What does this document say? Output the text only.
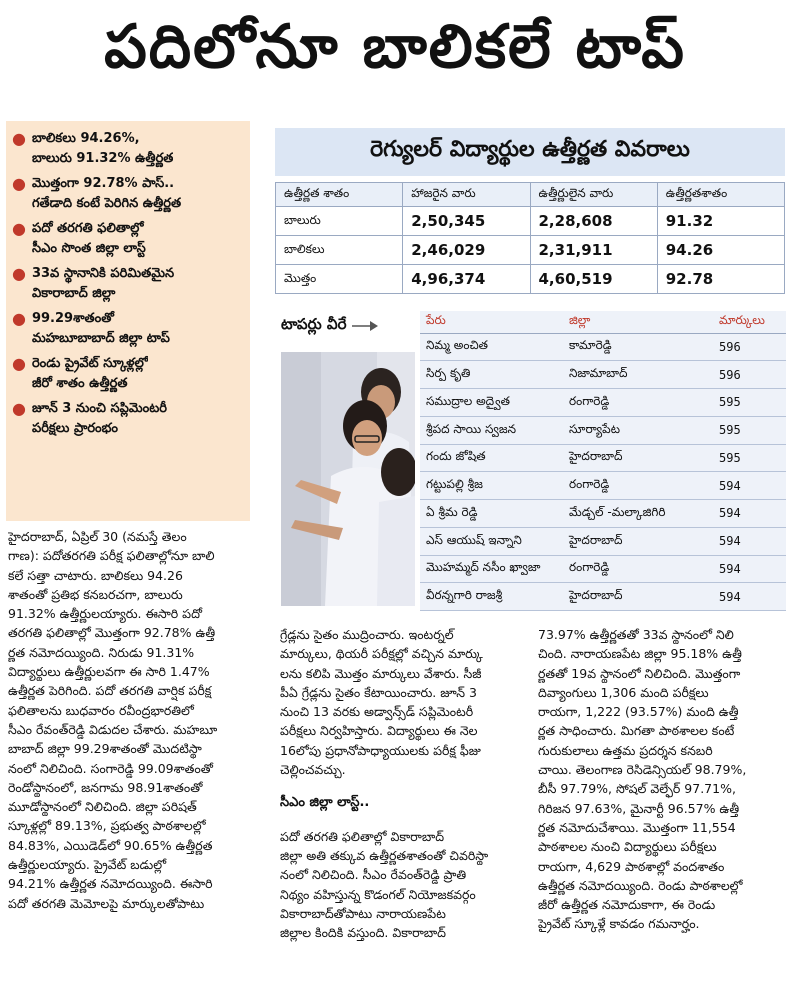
పదిలోనూ బాలికలే టాప్
● బాలికలు 94.26%,
బాలురు 91.32% ఉత్తీర్ణత
● మొత్తంగా 92.78% పాస్..
గతేడాది కంటే పెరిగిన ఉత్తీర్ణత
● పదో తరగతి ఫలితాల్లో
సీఎం సొంత జిల్లా లాస్ట్
● 33వ స్థానానికి పరిమితమైన
వికారాబాద్ జిల్లా
● 99.29శాతంతో
మహబూబాబాద్ జిల్లా టాప్
● రెండు ప్రైవేట్ స్కూళ్లల్లో
జీరో శాతం ఉత్తీర్ణత
● జూన్ 3 నుంచి సప్లిమెంటరీ
పరీక్షలు ప్రారంభం
రెగ్యులర్ విద్యార్థుల ఉత్తీర్ణత వివరాలు
ఉత్తీర్ణత శాతం	హాజరైన వారు	ఉత్తీర్ణులైన వారు	ఉత్తీర్ణతశాతం
బాలురు	2,50,345	2,28,608	91.32
బాలికలు	2,46,029	2,31,911	94.26
మొత్తం	4,96,374	4,60,519	92.78
టాపర్లు వీరే	పేరు	జిల్లా	మార్కులు
నిమ్మ అంచిత	కామారెడ్డి	596
సిర్ప కృతి	నిజామాబాద్	596
సముద్రాల అద్వైత	రంగారెడ్డి	595
శ్రీపద సాయి స్వజన	సూర్యాపేట	595
గందు జోషిత	హైదరాబాద్	595
గట్టుపల్లి శ్రీజ	రంగారెడ్డి	594
ఏ శ్రీమ రెడ్డి	మేడ్చల్ -మల్కాజిగిరి	594
ఎస్ ఆయుష్ ఇన్నాని	హైదరాబాద్	594
మొహమ్మద్ నసీం ఖ్వాజా	రంగారెడ్డి	594
వీరన్నగారి రాజశ్రీ	హైదరాబాద్	594

హైదరాబాద్, ఏప్రిల్ 30 (నమస్తే తెలం

గాణ): పదోతరగతి పరీక్ష ఫలితాల్లోనూ బాలి

కలే సత్తా చాటారు. బాలికలు 94.26

శాతంతో ప్రతిభ కనబరచగా, బాలురు

91.32% ఉత్తీర్ణులయ్యారు. ఈసారి పదో

తరగతి ఫలితాల్లో మొత్తంగా 92.78% ఉత్తీ

ర్ణత నమోదయ్యింది. నిరుడు 91.31%

విద్యార్థులు ఉత్తీర్ణులవగా ఈ సారి 1.47%

ఉత్తీర్ణత పెరిగింది. పదో తరగతి వార్షిక పరీక్ష

ఫలితాలను బుధవారం రవీంద్రభారతిలో

సీఎం రేవంత్‌రెడ్డి విడుదల చేశారు. మహబూ

బాబాద్ జిల్లా 99.29శాతంతో మొదటిస్థా

నంలో నిలిచింది. సంగారెడ్డి 99.09శాతంతో

రెండోస్థానంలో, జనగామ 98.91శాతంతో

మూడోస్థానంలో నిలిచింది. జిల్లా పరిషత్

స్కూళ్లల్లో 89.13%, ప్రభుత్వ పాఠశాలల్లో

84.83%, ఎయిడెడ్‌లో 90.65% ఉత్తీర్ణత

ఉత్తీర్ణులయ్యారు. ప్రైవేట్ బడుల్లో

94.21% ఉత్తీర్ణత నమోదయ్యింది. ఈసారి

పదో తరగతి మెమోలపై మార్కులతోపాటు

గ్రేడ్లను సైతం ముద్రించారు. ఇంటర్నల్

మార్కులు, థియరీ పరీక్షల్లో వచ్చిన మార్కు

లను కలిపి మొత్తం మార్కులు వేశారు. సీజీ

పీఏ గ్రేడ్లను సైతం కేటాయించారు. జూన్ 3

నుంచి 13 వరకు అడ్వాన్స్‌డ్ సప్లిమెంటరీ

పరీక్షలు నిర్వహిస్తారు. విద్యార్థులు ఈ నెల

16లోపు ప్రధానోపాధ్యాయులకు పరీక్ష ఫీజు

చెల్లించవచ్చు.

సీఎం జిల్లా లాస్ట్..

పదో తరగతి ఫలితాల్లో వికారాబాద్

జిల్లా అతి తక్కువ ఉత్తీర్ణతశాతంతో చివరిస్థా

నంలో నిలిచింది. సీఎం రేవంత్‌రెడ్డి ప్రాతి

నిథ్యం వహిస్తున్న కొడంగల్ నియోజకవర్గం

వికారాబాద్‌తోపాటు నారాయణపేట

జిల్లాల కిందికి వస్తుంది. వికారాబాద్

73.97% ఉత్తీర్ణతతో 33వ స్థానంలో నిలి

చింది. నారాయణపేట జిల్లా 95.18% ఉత్తీ

ర్ణతతో 19వ స్థానంలో నిలిచింది. మొత్తంగా

దివ్యాంగులు 1,306 మంది పరీక్షలు

రాయగా, 1,222 (93.57%) మంది ఉత్తీ

ర్ణత సాధించారు. మిగతా పాఠశాలల కంటే

గురుకులాలు ఉత్తమ ప్రదర్శన కనబరి

చాయి. తెలంగాణ రెసిడెన్సియల్ 98.79%,

బీసీ 97.79%, సోషల్ వెల్ఫేర్ 97.71%,

గిరిజన 97.63%, మైనార్టీ 96.57% ఉత్తీ

ర్ణత నమోదుచేశాయి. మొత్తంగా 11,554

పాఠశాలల నుంచి విద్యార్థులు పరీక్షలు

రాయగా, 4,629 పాఠశాల్లో వందశాతం

ఉత్తీర్ణత నమోదయ్యింది. రెండు పాఠశాలల్లో

జీరో ఉత్తీర్ణత నమోదుకాగా, ఈ రెండు

ప్రైవేట్ స్కూళ్లే కావడం గమనార్హం.
